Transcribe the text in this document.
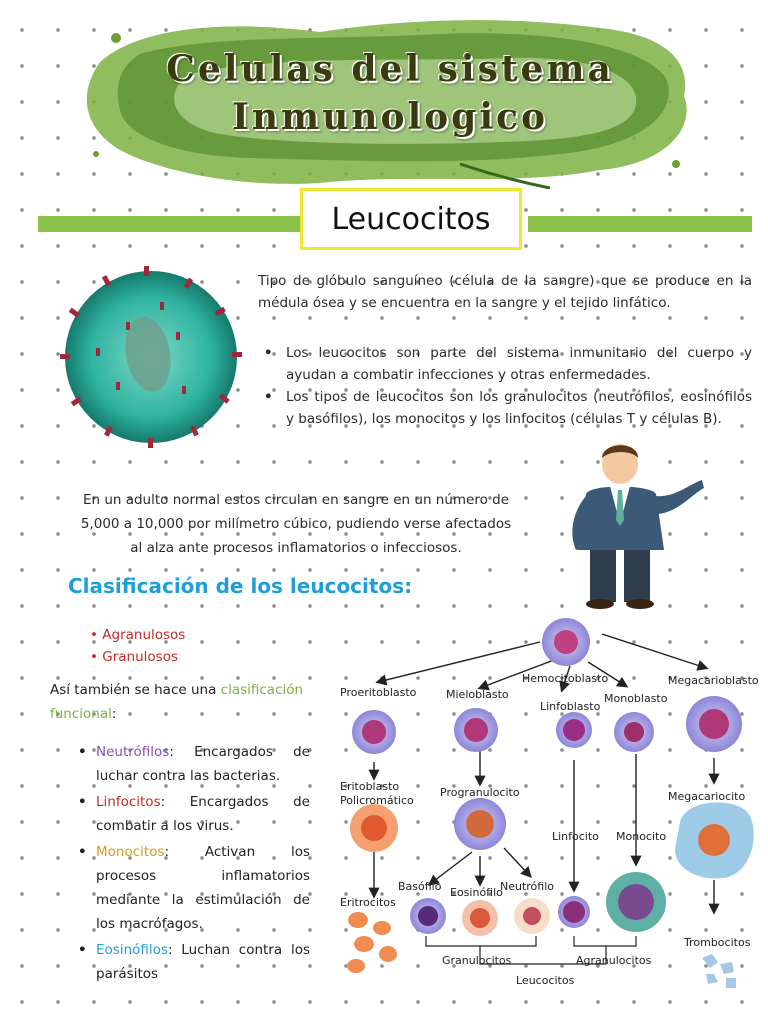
Celulas del sistema
Inmunologico
Leucocitos
Tipo de glóbulo sanguíneo (célula de la sangre) que se produce en la médula ósea y se encuentra en la sangre y el tejido linfático.
• Los leucocitos son parte del sistema inmunitario del cuerpo y ayudan a combatir infecciones y otras enfermedades.
• Los tipos de leucocitos son los granulocitos (neutrófilos, eosinófilos y basófilos), los monocitos y los linfocitos (células T y células B).
En un adulto normal estos circulan en sangre en un número de 5,000 a 10,000 por milímetro cúbico, pudiendo verse afectados al alza ante procesos inflamatorios o infecciosos.
Clasificación de los leucocitos:
• Agranulosos
• Granulosos
Así también se hace una clasificación funcional:
• Neutrófilos: Encargados de luchar contra las bacterias.
• Linfocitos: Encargados de combatir a los virus.
• Monocitos: Activan los procesos inflamatorios mediante la estimulación de los macrófagos.
• Eosinófilos: Luchan contra los parásitos
Hemocitoblasto
Proeritoblasto	Mieloblasto
Linfoblasto
Monoblasto
Megacarioblasto
Eritoblasto
Policromático
Progranulocito
Linfocito Monocito
Megacariocito
Basófilo Eosinófilo
Neutrófilo
Eritrocitos
Trombocitos
Granulocitos	Agranulocitos
Leucocitos
